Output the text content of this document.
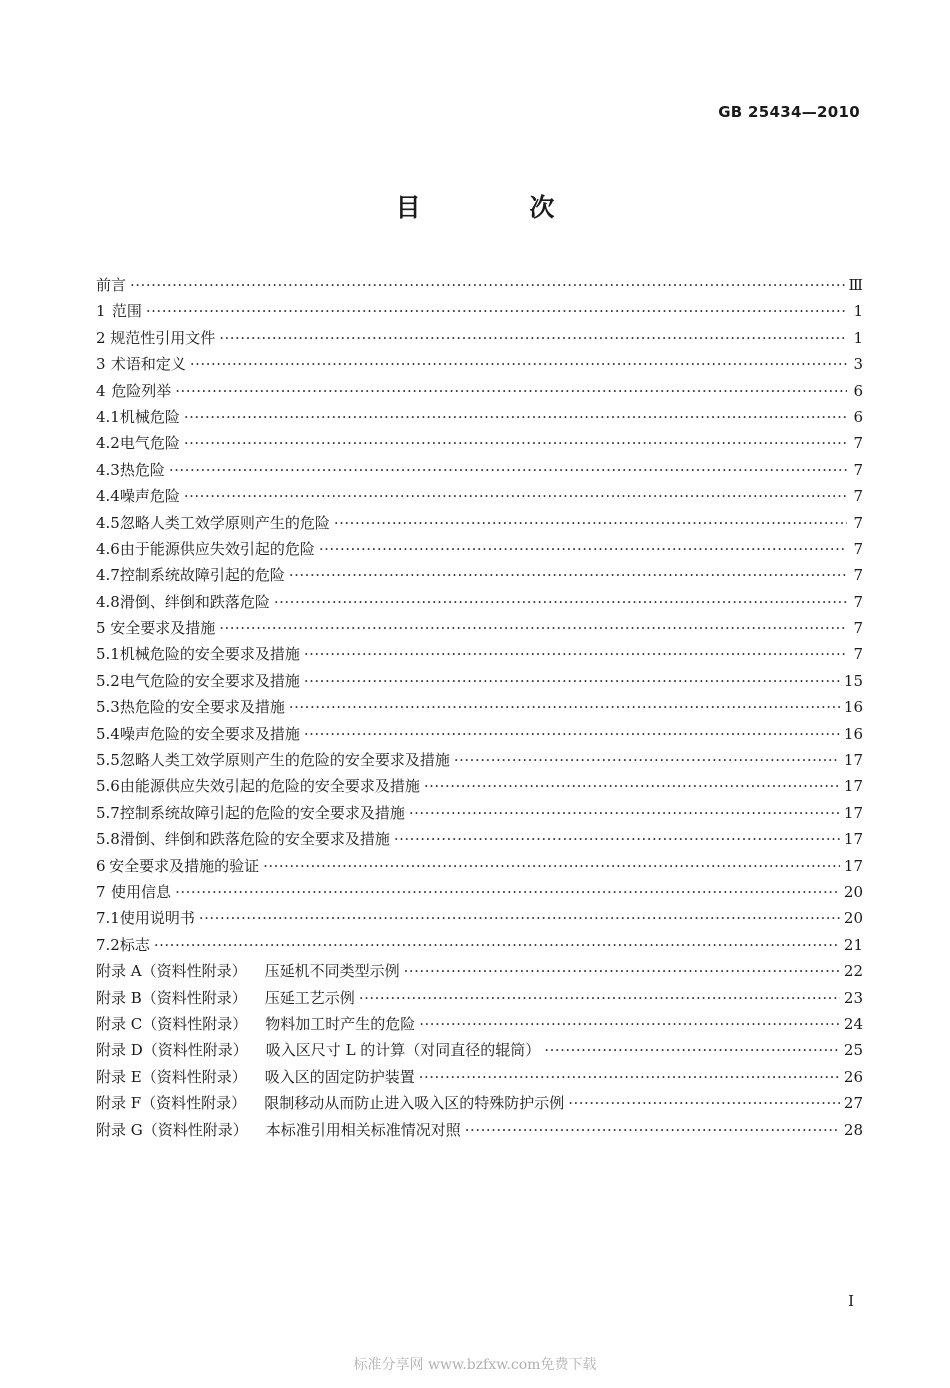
GB 25434—2010
目 次
前言 ·····	Ⅲ
1 范围 ·····	1
2 规范性引用文件 ·····	1
3 术语和定义 ·····	3
4 危险列举 ·····	6
4.1 机械危险 ·····	6
4.2 电气危险 ·····	7
4.3 热危险 ·····	7
4.4 噪声危险 ·····	7
4.5 忽略人类工效学原则产生的危险 ·····	7
4.6 由于能源供应失效引起的危险 ·····	7
4.7 控制系统故障引起的危险 ·····	7
4.8 滑倒、绊倒和跌落危险 ·····	7
5 安全要求及措施 ·····	7
5.1 机械危险的安全要求及措施 ·····	7
5.2 电气危险的安全要求及措施 ·····	15
5.3 热危险的安全要求及措施 ·····	16
5.4 噪声危险的安全要求及措施 ·····	16
5.5 忽略人类工效学原则产生的危险的安全要求及措施 ·····	17
5.6 由能源供应失效引起的危险的安全要求及措施 ·····	17
5.7 控制系统故障引起的危险的安全要求及措施 ·····	17
5.8 滑倒、绊倒和跌落危险的安全要求及措施 ·····	17
6 安全要求及措施的验证 ·····	17
7 使用信息 ·····	20
7.1 使用说明书 ·····	20
7.2 标志 ·····	21
附录 A（资料性附录）	压延机不同类型示例 ·····	22
附录 B（资料性附录）	压延工艺示例 ·····	23
附录 C（资料性附录）	物料加工时产生的危险 ·····	24
附录 D（资料性附录）	吸入区尺寸 L 的计算（对同直径的辊筒） ·····	25
附录 E（资料性附录）	吸入区的固定防护装置 ·····	26
附录 F（资料性附录）	限制移动从而防止进入吸入区的特殊防护示例 ·····	27
附录 G（资料性附录）	本标准引用相关标准情况对照 ·····	28
I
标准分享网 www.bzfxw.com免费下载
